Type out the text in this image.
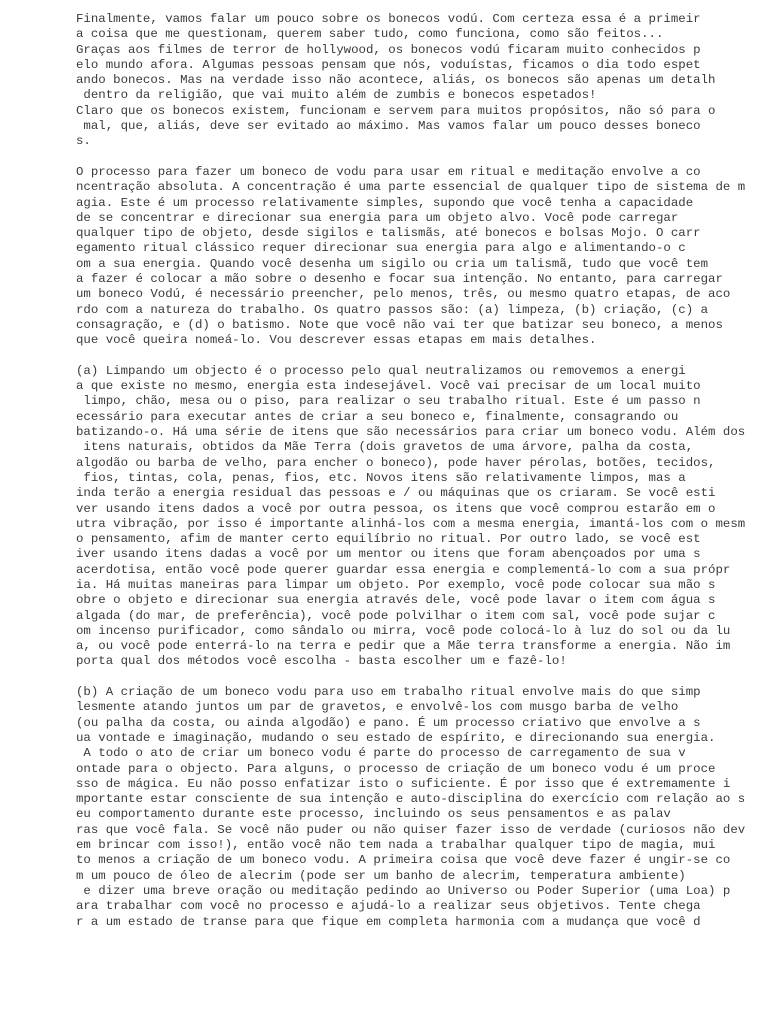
Finalmente, vamos falar um pouco sobre os bonecos vodú. Com certeza essa é a primeir
a coisa que me questionam, querem saber tudo, como funciona, como são feitos...
Graças aos filmes de terror de hollywood, os bonecos vodú ficaram muito conhecidos p
elo mundo afora. Algumas pessoas pensam que nós, voduístas, ficamos o dia todo espet
ando bonecos. Mas na verdade isso não acontece, aliás, os bonecos são apenas um detalh
dentro da religião, que vai muito além de zumbis e bonecos espetados!
Claro que os bonecos existem, funcionam e servem para muitos propósitos, não só para o
mal, que, aliás, deve ser evitado ao máximo. Mas vamos falar um pouco desses boneco
s.
O processo para fazer um boneco de vodu para usar em ritual e meditação envolve a co
ncentração absoluta. A concentração é uma parte essencial de qualquer tipo de sistema de m
agia. Este é um processo relativamente simples, supondo que você tenha a capacidade
de se concentrar e direcionar sua energia para um objeto alvo. Você pode carregar
qualquer tipo de objeto, desde sigilos e talismãs, até bonecos e bolsas Mojo. O carr
egamento ritual clássico requer direcionar sua energia para algo e alimentando-o c
om a sua energia. Quando você desenha um sigilo ou cria um talismã, tudo que você tem
a fazer é colocar a mão sobre o desenho e focar sua intenção. No entanto, para carregar
um boneco Vodú, é necessário preencher, pelo menos, três, ou mesmo quatro etapas, de aco
rdo com a natureza do trabalho. Os quatro passos são: (a) limpeza, (b) criação, (c) a
consagração, e (d) o batismo. Note que você não vai ter que batizar seu boneco, a menos
que você queira nomeá-lo. Vou descrever essas etapas em mais detalhes.
(a) Limpando um objecto é o processo pelo qual neutralizamos ou removemos a energi
a que existe no mesmo, energia esta indesejável. Você vai precisar de um local muito
limpo, chão, mesa ou o piso, para realizar o seu trabalho ritual. Este é um passo n
ecessário para executar antes de criar a seu boneco e, finalmente, consagrando ou
batizando-o. Há uma série de itens que são necessários para criar um boneco vodu. Além dos
itens naturais, obtidos da Mãe Terra (dois gravetos de uma árvore, palha da costa,
algodão ou barba de velho, para encher o boneco), pode haver pérolas, botões, tecidos,
fios, tintas, cola, penas, fios, etc. Novos itens são relativamente limpos, mas a
inda terão a energia residual das pessoas e / ou máquinas que os criaram. Se você esti
ver usando itens dados a você por outra pessoa, os itens que você comprou estarão em o
utra vibração, por isso é importante alinhá-los com a mesma energia, imantá-los com o mesm
o pensamento, afim de manter certo equilíbrio no ritual. Por outro lado, se você est
iver usando itens dadas a você por um mentor ou itens que foram abençoados por uma s
acerdotisa, então você pode querer guardar essa energia e complementá-lo com a sua própr
ia. Há muitas maneiras para limpar um objeto. Por exemplo, você pode colocar sua mão s
obre o objeto e direcionar sua energia através dele, você pode lavar o item com água s
algada (do mar, de preferência), você pode polvilhar o item com sal, você pode sujar c
om incenso purificador, como sândalo ou mirra, você pode colocá-lo à luz do sol ou da lu
a, ou você pode enterrá-lo na terra e pedir que a Mãe terra transforme a energia. Não im
porta qual dos métodos você escolha - basta escolher um e fazê-lo!
(b) A criação de um boneco vodu para uso em trabalho ritual envolve mais do que simp
lesmente atando juntos um par de gravetos, e envolvê-los com musgo barba de velho
(ou palha da costa, ou ainda algodão) e pano. É um processo criativo que envolve a s
ua vontade e imaginação, mudando o seu estado de espírito, e direcionando sua energia.
A todo o ato de criar um boneco vodu é parte do processo de carregamento de sua v
ontade para o objecto. Para alguns, o processo de criação de um boneco vodu é um proce
sso de mágica. Eu não posso enfatizar isto o suficiente. É por isso que é extremamente i
mportante estar consciente de sua intenção e auto-disciplina do exercício com relação ao s
eu comportamento durante este processo, incluindo os seus pensamentos e as palav
ras que você fala. Se você não puder ou não quiser fazer isso de verdade (curiosos não dev
em brincar com isso!), então você não tem nada a trabalhar qualquer tipo de magia, mui
to menos a criação de um boneco vodu. A primeira coisa que você deve fazer é ungir-se co
m um pouco de óleo de alecrim (pode ser um banho de alecrim, temperatura ambiente)
e dizer uma breve oração ou meditação pedindo ao Universo ou Poder Superior (uma Loa) p
ara trabalhar com você no processo e ajudá-lo a realizar seus objetivos. Tente chega
r a um estado de transe para que fique em completa harmonia com a mudança que você d
